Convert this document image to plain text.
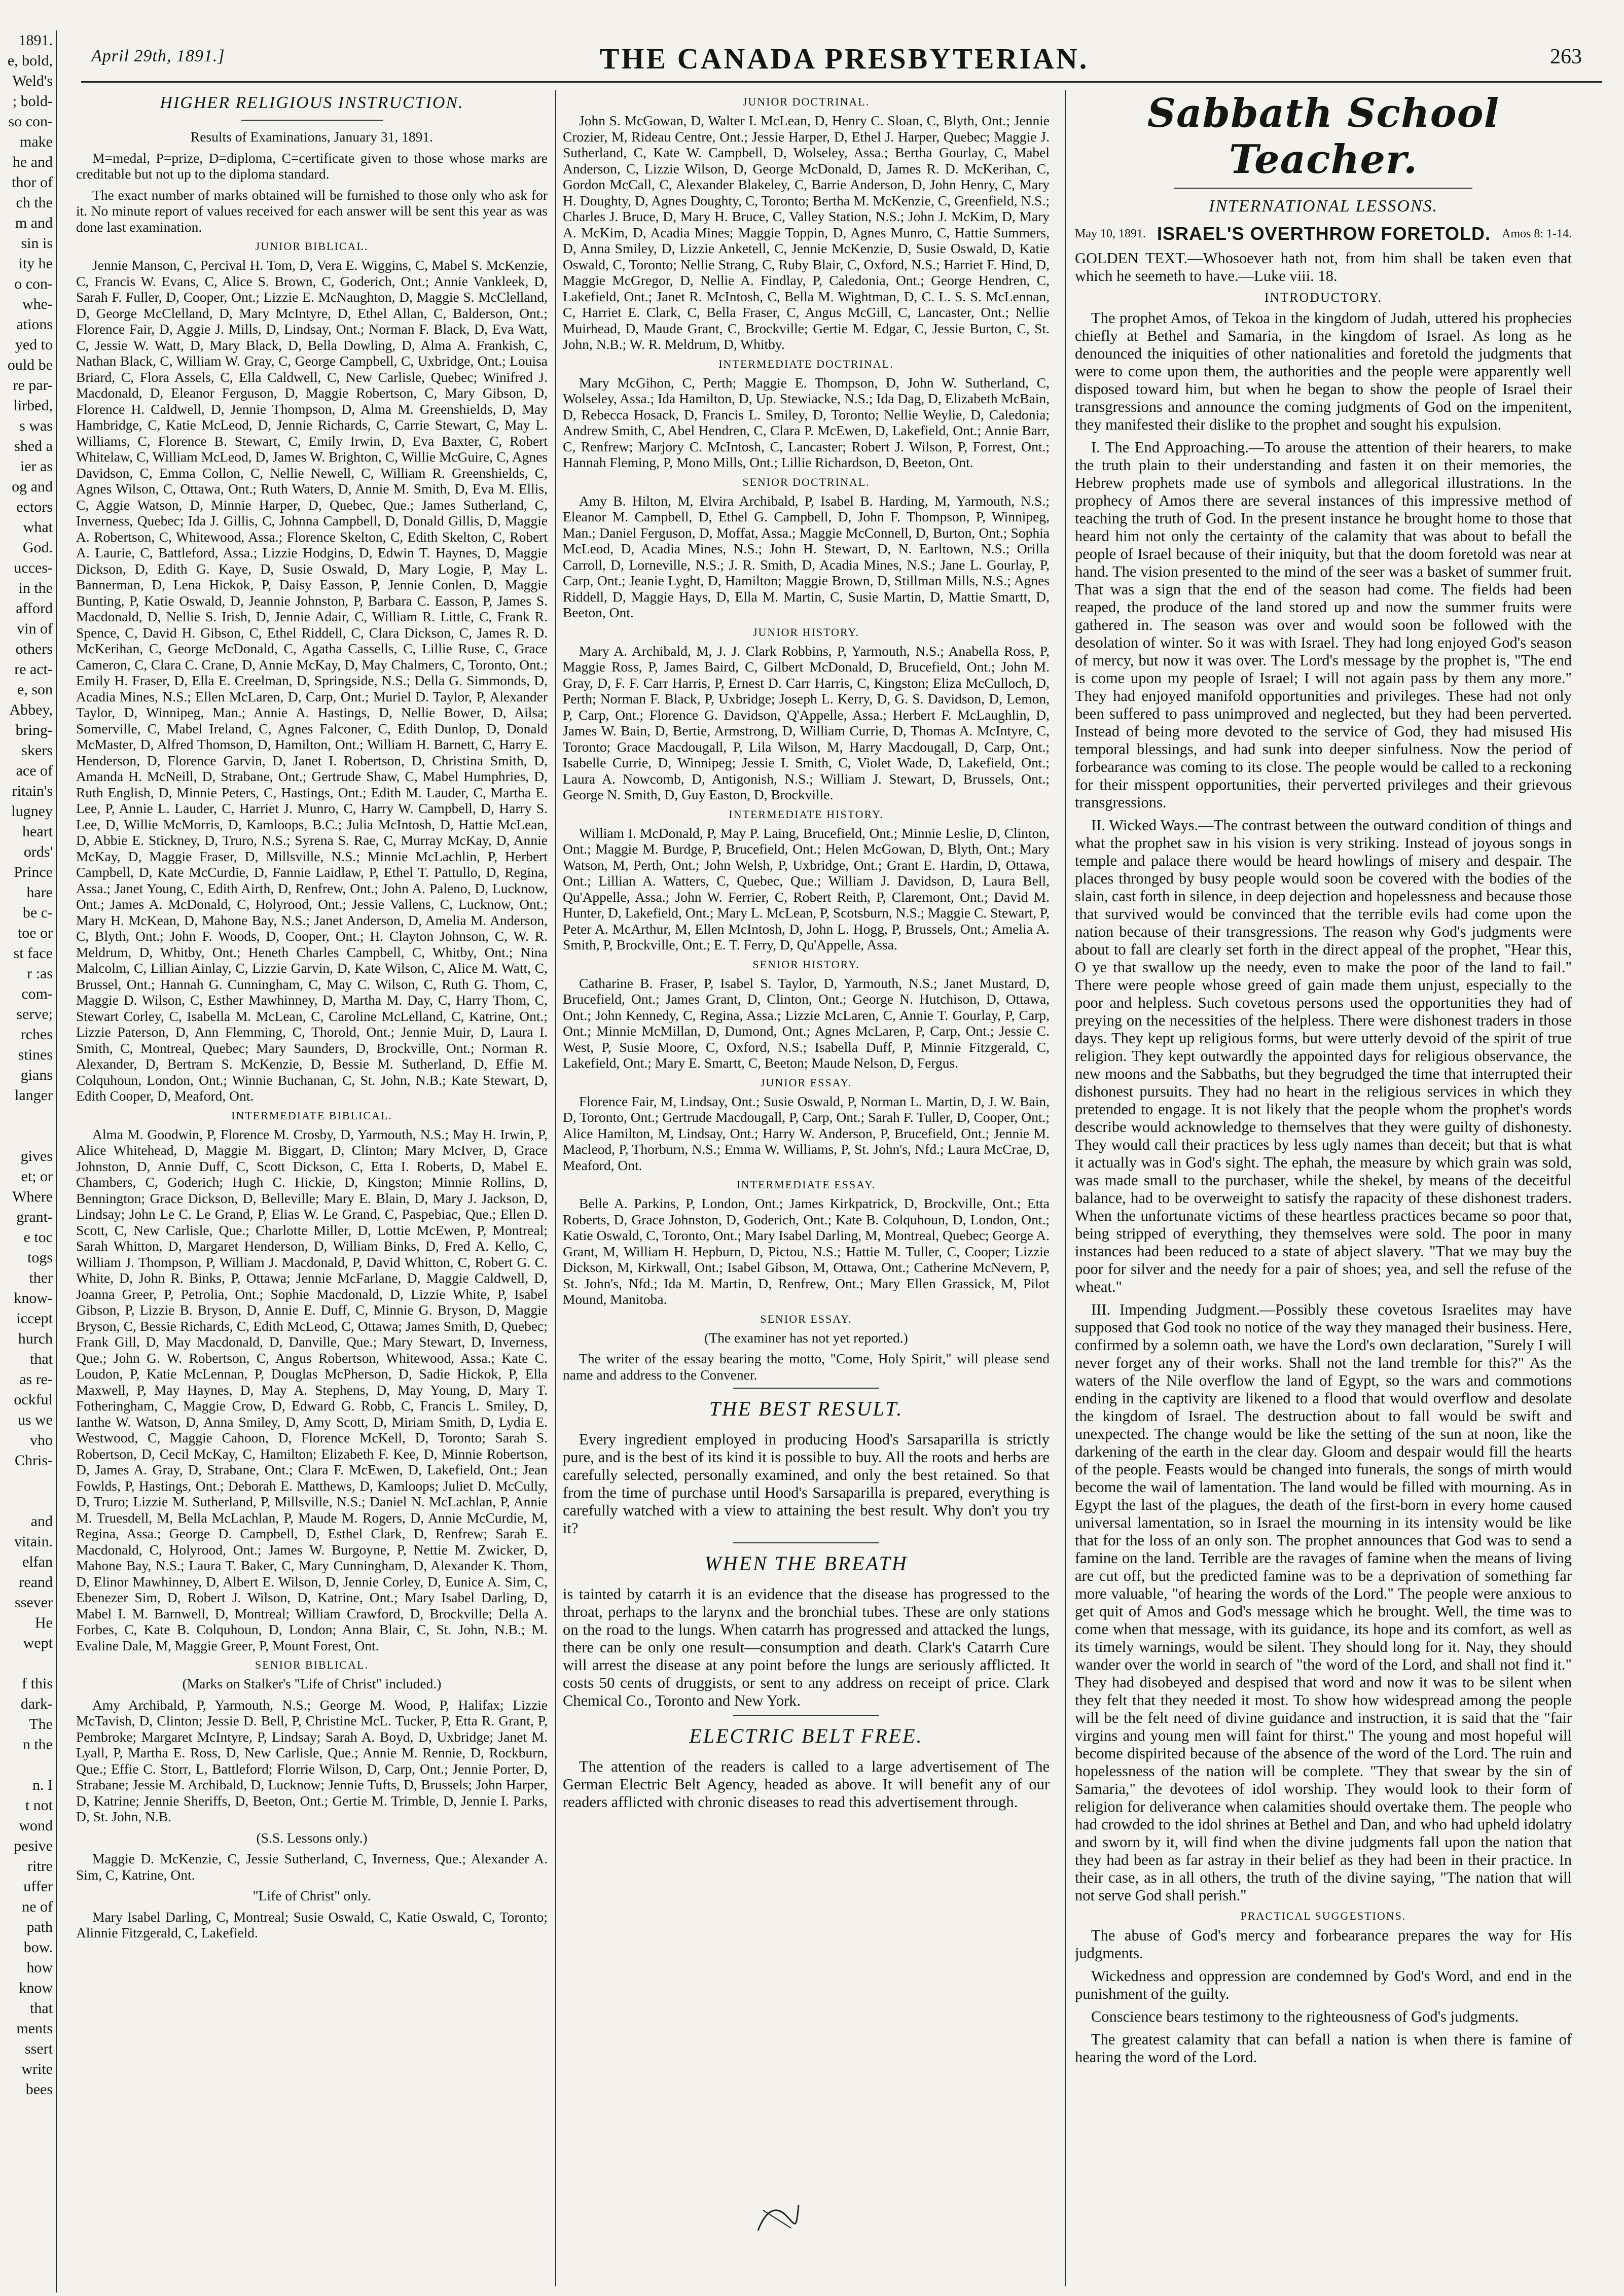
1891.
e, bold,
Weld's
; bold-
so con-
make
he and
thor of
ch the
m and
sin is
ity he
o con-
whe-
ations
yed to
ould be
re par-
lirbed,
s was
shed a
ier as
og and
ectors
what
God.
ucces-
in the
afford
vin of
others
re act-
e, son
Abbey,
bring-
skers
ace of
ritain's
lugney
heart
ords'
Prince
hare
be c-
toe or
st face
r :as
com-
serve;
rches
stines
gians
langer

gives
et; or
Where
grant-
e toc
togs
ther
know-
iccept
hurch
that
as re-
ockful
us we
vho
Chris-

and
vitain.
elfan
reand
ssever
He
wept

f this
dark-
The
n the

n. I
t not
wond
pesive
ritre
uffer
ne of
path
bow.
how
know
that
ments
ssert
write
bees
April 29th, 1891.]	THE CANADA PRESBYTERIAN.	263
HIGHER RELIGIOUS INSTRUCTION.

Results of Examinations, January 31, 1891.

M=medal, P=prize, D=diploma, C=certificate given to those whose marks are creditable but not up to the diploma standard.

The exact number of marks obtained will be furnished to those only who ask for it. No minute report of values received for each answer will be sent this year as was done last examination.

JUNIOR BIBLICAL.

Jennie Manson, C, Percival H. Tom, D, Vera E. Wiggins, C, Mabel S. McKenzie, C, Francis W. Evans, C, Alice S. Brown, C, Goderich, Ont.; Annie Vankleek, D, Sarah F. Fuller, D, Cooper, Ont.; Lizzie E. McNaughton, D, Maggie S. McClelland, D, George McClelland, D, Mary McIntyre, D, Ethel Allan, C, Balderson, Ont.; Florence Fair, D, Aggie J. Mills, D, Lindsay, Ont.; Norman F. Black, D, Eva Watt, C, Jessie W. Watt, D, Mary Black, D, Bella Dowling, D, Alma A. Frankish, C, Nathan Black, C, William W. Gray, C, George Campbell, C, Uxbridge, Ont.; Louisa Briard, C, Flora Assels, C, Ella Caldwell, C, New Carlisle, Quebec; Winifred J. Macdonald, D, Eleanor Ferguson, D, Maggie Robertson, C, Mary Gibson, D, Florence H. Caldwell, D, Jennie Thompson, D, Alma M. Greenshields, D, May Hambridge, C, Katie McLeod, D, Jennie Richards, C, Carrie Stewart, C, May L. Williams, C, Florence B. Stewart, C, Emily Irwin, D, Eva Baxter, C, Robert Whitelaw, C, William McLeod, D, James W. Brighton, C, Willie McGuire, C, Agnes Davidson, C, Emma Collon, C, Nellie Newell, C, William R. Greenshields, C, Agnes Wilson, C, Ottawa, Ont.; Ruth Waters, D, Annie M. Smith, D, Eva M. Ellis, C, Aggie Watson, D, Minnie Harper, D, Quebec, Que.; James Sutherland, C, Inverness, Quebec; Ida J. Gillis, C, Johnna Campbell, D, Donald Gillis, D, Maggie A. Robertson, C, Whitewood, Assa.; Florence Skelton, C, Edith Skelton, C, Robert A. Laurie, C, Battleford, Assa.; Lizzie Hodgins, D, Edwin T. Haynes, D, Maggie Dickson, D, Edith G. Kaye, D, Susie Oswald, D, Mary Logie, P, May L. Bannerman, D, Lena Hickok, P, Daisy Easson, P, Jennie Conlen, D, Maggie Bunting, P, Katie Oswald, D, Jeannie Johnston, P, Barbara C. Easson, P, James S. Macdonald, D, Nellie S. Irish, D, Jennie Adair, C, William R. Little, C, Frank R. Spence, C, David H. Gibson, C, Ethel Riddell, C, Clara Dickson, C, James R. D. McKerihan, C, George McDonald, C, Agatha Cassells, C, Lillie Ruse, C, Grace Cameron, C, Clara C. Crane, D, Annie McKay, D, May Chalmers, C, Toronto, Ont.; Emily H. Fraser, D, Ella E. Creelman, D, Springside, N.S.; Della G. Simmonds, D, Acadia Mines, N.S.; Ellen McLaren, D, Carp, Ont.; Muriel D. Taylor, P, Alexander Taylor, D, Winnipeg, Man.; Annie A. Hastings, D, Nellie Bower, D, Ailsa; Somerville, C, Mabel Ireland, C, Agnes Falconer, C, Edith Dunlop, D, Donald McMaster, D, Alfred Thomson, D, Hamilton, Ont.; William H. Barnett, C, Harry E. Henderson, D, Florence Garvin, D, Janet I. Robertson, D, Christina Smith, D, Amanda H. McNeill, D, Strabane, Ont.; Gertrude Shaw, C, Mabel Humphries, D, Ruth English, D, Minnie Peters, C, Hastings, Ont.; Edith M. Lauder, C, Martha E. Lee, P, Annie L. Lauder, C, Harriet J. Munro, C, Harry W. Campbell, D, Harry S. Lee, D, Willie McMorris, D, Kamloops, B.C.; Julia McIntosh, D, Hattie McLean, D, Abbie E. Stickney, D, Truro, N.S.; Syrena S. Rae, C, Murray McKay, D, Annie McKay, D, Maggie Fraser, D, Millsville, N.S.; Minnie McLachlin, P, Herbert Campbell, D, Kate McCurdie, D, Fannie Laidlaw, P, Ethel T. Pattullo, D, Regina, Assa.; Janet Young, C, Edith Airth, D, Renfrew, Ont.; John A. Paleno, D, Lucknow, Ont.; James A. McDonald, C, Holyrood, Ont.; Jessie Vallens, C, Lucknow, Ont.; Mary H. McKean, D, Mahone Bay, N.S.; Janet Anderson, D, Amelia M. Anderson, C, Blyth, Ont.; John F. Woods, D, Cooper, Ont.; H. Clayton Johnson, C, W. R. Meldrum, D, Whitby, Ont.; Heneth Charles Campbell, C, Whitby, Ont.; Nina Malcolm, C, Lillian Ainlay, C, Lizzie Garvin, D, Kate Wilson, C, Alice M. Watt, C, Brussel, Ont.; Hannah G. Cunningham, C, May C. Wilson, C, Ruth G. Thom, C, Maggie D. Wilson, C, Esther Mawhinney, D, Martha M. Day, C, Harry Thom, C, Stewart Corley, C, Isabella M. McLean, C, Caroline McLelland, C, Katrine, Ont.; Lizzie Paterson, D, Ann Flemming, C, Thorold, Ont.; Jennie Muir, D, Laura I. Smith, C, Montreal, Quebec; Mary Saunders, D, Brockville, Ont.; Norman R. Alexander, D, Bertram S. McKenzie, D, Bessie M. Sutherland, D, Effie M. Colquhoun, London, Ont.; Winnie Buchanan, C, St. John, N.B.; Kate Stewart, D, Edith Cooper, D, Meaford, Ont.

INTERMEDIATE BIBLICAL.

Alma M. Goodwin, P, Florence M. Crosby, D, Yarmouth, N.S.; May H. Irwin, P, Alice Whitehead, D, Maggie M. Biggart, D, Clinton; Mary McIver, D, Grace Johnston, D, Annie Duff, C, Scott Dickson, C, Etta I. Roberts, D, Mabel E. Chambers, C, Goderich; Hugh C. Hickie, D, Kingston; Minnie Rollins, D, Bennington; Grace Dickson, D, Belleville; Mary E. Blain, D, Mary J. Jackson, D, Lindsay; John Le C. Le Grand, P, Elias W. Le Grand, C, Paspebiac, Que.; Ellen D. Scott, C, New Carlisle, Que.; Charlotte Miller, D, Lottie McEwen, P, Montreal; Sarah Whitton, D, Margaret Henderson, D, William Binks, D, Fred A. Kello, C, William J. Thompson, P, William J. Macdonald, P, David Whitton, C, Robert G. C. White, D, John R. Binks, P, Ottawa; Jennie McFarlane, D, Maggie Caldwell, D, Joanna Greer, P, Petrolia, Ont.; Sophie Macdonald, D, Lizzie White, P, Isabel Gibson, P, Lizzie B. Bryson, D, Annie E. Duff, C, Minnie G. Bryson, D, Maggie Bryson, C, Bessie Richards, C, Edith McLeod, C, Ottawa; James Smith, D, Quebec; Frank Gill, D, May Macdonald, D, Danville, Que.; Mary Stewart, D, Inverness, Que.; John G. W. Robertson, C, Angus Robertson, Whitewood, Assa.; Kate C. Loudon, P, Katie McLennan, P, Douglas McPherson, D, Sadie Hickok, P, Ella Maxwell, P, May Haynes, D, May A. Stephens, D, May Young, D, Mary T. Fotheringham, C, Maggie Crow, D, Edward G. Robb, C, Francis L. Smiley, D, Ianthe W. Watson, D, Anna Smiley, D, Amy Scott, D, Miriam Smith, D, Lydia E. Westwood, C, Maggie Cahoon, D, Florence McKell, D, Toronto; Sarah S. Robertson, D, Cecil McKay, C, Hamilton; Elizabeth F. Kee, D, Minnie Robertson, D, James A. Gray, D, Strabane, Ont.; Clara F. McEwen, D, Lakefield, Ont.; Jean Fowlds, P, Hastings, Ont.; Deborah E. Matthews, D, Kamloops; Juliet D. McCully, D, Truro; Lizzie M. Sutherland, P, Millsville, N.S.; Daniel N. McLachlan, P, Annie M. Truesdell, M, Bella McLachlan, P, Maude M. Rogers, D, Annie McCurdie, M, Regina, Assa.; George D. Campbell, D, Esthel Clark, D, Renfrew; Sarah E. Macdonald, C, Holyrood, Ont.; James W. Burgoyne, P, Nettie M. Zwicker, D, Mahone Bay, N.S.; Laura T. Baker, C, Mary Cunningham, D, Alexander K. Thom, D, Elinor Mawhinney, D, Albert E. Wilson, D, Jennie Corley, D, Eunice A. Sim, C, Ebenezer Sim, D, Robert J. Wilson, D, Katrine, Ont.; Mary Isabel Darling, D, Mabel I. M. Barnwell, D, Montreal; William Crawford, D, Brockville; Della A. Forbes, C, Kate B. Colquhoun, D, London; Anna Blair, C, St. John, N.B.; M. Evaline Dale, M, Maggie Greer, P, Mount Forest, Ont.

SENIOR BIBLICAL.

(Marks on Stalker's "Life of Christ" included.)

Amy Archibald, P, Yarmouth, N.S.; George M. Wood, P, Halifax; Lizzie McTavish, D, Clinton; Jessie D. Bell, P, Christine McL. Tucker, P, Etta R. Grant, P, Pembroke; Margaret McIntyre, P, Lindsay; Sarah A. Boyd, D, Uxbridge; Janet M. Lyall, P, Martha E. Ross, D, New Carlisle, Que.; Annie M. Rennie, D, Rockburn, Que.; Effie C. Storr, L, Battleford; Florrie Wilson, D, Carp, Ont.; Jennie Porter, D, Strabane; Jessie M. Archibald, D, Lucknow; Jennie Tufts, D, Brussels; John Harper, D, Katrine; Jennie Sheriffs, D, Beeton, Ont.; Gertie M. Trimble, D, Jennie I. Parks, D, St. John, N.B.

(S.S. Lessons only.)

Maggie D. McKenzie, C, Jessie Sutherland, C, Inverness, Que.; Alexander A. Sim, C, Katrine, Ont.

"Life of Christ" only.

Mary Isabel Darling, C, Montreal; Susie Oswald, C, Katie Oswald, C, Toronto; Alinnie Fitzgerald, C, Lakefield.

JUNIOR DOCTRINAL.

John S. McGowan, D, Walter I. McLean, D, Henry C. Sloan, C, Blyth, Ont.; Jennie Crozier, M, Rideau Centre, Ont.; Jessie Harper, D, Ethel J. Harper, Quebec; Maggie J. Sutherland, C, Kate W. Campbell, D, Wolseley, Assa.; Bertha Gourlay, C, Mabel Anderson, C, Lizzie Wilson, D, George McDonald, D, James R. D. McKerihan, C, Gordon McCall, C, Alexander Blakeley, C, Barrie Anderson, D, John Henry, C, Mary H. Doughty, D, Agnes Doughty, C, Toronto; Bertha M. McKenzie, C, Greenfield, N.S.; Charles J. Bruce, D, Mary H. Bruce, C, Valley Station, N.S.; John J. McKim, D, Mary A. McKim, D, Acadia Mines; Maggie Toppin, D, Agnes Munro, C, Hattie Summers, D, Anna Smiley, D, Lizzie Anketell, C, Jennie McKenzie, D, Susie Oswald, D, Katie Oswald, C, Toronto; Nellie Strang, C, Ruby Blair, C, Oxford, N.S.; Harriet F. Hind, D, Maggie McGregor, D, Nellie A. Findlay, P, Caledonia, Ont.; George Hendren, C, Lakefield, Ont.; Janet R. McIntosh, C, Bella M. Wightman, D, C. L. S. S. McLennan, C, Harriet E. Clark, C, Bella Fraser, C, Angus McGill, C, Lancaster, Ont.; Nellie Muirhead, D, Maude Grant, C, Brockville; Gertie M. Edgar, C, Jessie Burton, C, St. John, N.B.; W. R. Meldrum, D, Whitby.

INTERMEDIATE DOCTRINAL.

Mary McGihon, C, Perth; Maggie E. Thompson, D, John W. Sutherland, C, Wolseley, Assa.; Ida Hamilton, D, Up. Stewiacke, N.S.; Ida Dag, D, Elizabeth McBain, D, Rebecca Hosack, D, Francis L. Smiley, D, Toronto; Nellie Weylie, D, Caledonia; Andrew Smith, C, Abel Hendren, C, Clara P. McEwen, D, Lakefield, Ont.; Annie Barr, C, Renfrew; Marjory C. McIntosh, C, Lancaster; Robert J. Wilson, P, Forrest, Ont.; Hannah Fleming, P, Mono Mills, Ont.; Lillie Richardson, D, Beeton, Ont.

SENIOR DOCTRINAL.

Amy B. Hilton, M, Elvira Archibald, P, Isabel B. Harding, M, Yarmouth, N.S.; Eleanor M. Campbell, D, Ethel G. Campbell, D, John F. Thompson, P, Winnipeg, Man.; Daniel Ferguson, D, Moffat, Assa.; Maggie McConnell, D, Burton, Ont.; Sophia McLeod, D, Acadia Mines, N.S.; John H. Stewart, D, N. Earltown, N.S.; Orilla Carroll, D, Lorneville, N.S.; J. R. Smith, D, Acadia Mines, N.S.; Jane L. Gourlay, P, Carp, Ont.; Jeanie Lyght, D, Hamilton; Maggie Brown, D, Stillman Mills, N.S.; Agnes Riddell, D, Maggie Hays, D, Ella M. Martin, C, Susie Martin, D, Mattie Smartt, D, Beeton, Ont.

JUNIOR HISTORY.

Mary A. Archibald, M, J. J. Clark Robbins, P, Yarmouth, N.S.; Anabella Ross, P, Maggie Ross, P, James Baird, C, Gilbert McDonald, D, Brucefield, Ont.; John M. Gray, D, F. F. Carr Harris, P, Ernest D. Carr Harris, C, Kingston; Eliza McCulloch, D, Perth; Norman F. Black, P, Uxbridge; Joseph L. Kerry, D, G. S. Davidson, D, Lemon, P, Carp, Ont.; Florence G. Davidson, Q'Appelle, Assa.; Herbert F. McLaughlin, D, James W. Bain, D, Bertie, Armstrong, D, William Currie, D, Thomas A. McIntyre, C, Toronto; Grace Macdougall, P, Lila Wilson, M, Harry Macdougall, D, Carp, Ont.; Isabelle Currie, D, Winnipeg; Jessie I. Smith, C, Violet Wade, D, Lakefield, Ont.; Laura A. Nowcomb, D, Antigonish, N.S.; William J. Stewart, D, Brussels, Ont.; George N. Smith, D, Guy Easton, D, Brockville.

INTERMEDIATE HISTORY.

William I. McDonald, P, May P. Laing, Brucefield, Ont.; Minnie Leslie, D, Clinton, Ont.; Maggie M. Burdge, P, Brucefield, Ont.; Helen McGowan, D, Blyth, Ont.; Mary Watson, M, Perth, Ont.; John Welsh, P, Uxbridge, Ont.; Grant E. Hardin, D, Ottawa, Ont.; Lillian A. Watters, C, Quebec, Que.; William J. Davidson, D, Laura Bell, Qu'Appelle, Assa.; John W. Ferrier, C, Robert Reith, P, Claremont, Ont.; David M. Hunter, D, Lakefield, Ont.; Mary L. McLean, P, Scotsburn, N.S.; Maggie C. Stewart, P, Peter A. McArthur, M, Ellen McIntosh, D, John L. Hogg, P, Brussels, Ont.; Amelia A. Smith, P, Brockville, Ont.; E. T. Ferry, D, Qu'Appelle, Assa.

SENIOR HISTORY.

Catharine B. Fraser, P, Isabel S. Taylor, D, Yarmouth, N.S.; Janet Mustard, D, Brucefield, Ont.; James Grant, D, Clinton, Ont.; George N. Hutchison, D, Ottawa, Ont.; John Kennedy, C, Regina, Assa.; Lizzie McLaren, C, Annie T. Gourlay, P, Carp, Ont.; Minnie McMillan, D, Dumond, Ont.; Agnes McLaren, P, Carp, Ont.; Jessie C. West, P, Susie Moore, C, Oxford, N.S.; Isabella Duff, P, Minnie Fitzgerald, C, Lakefield, Ont.; Mary E. Smartt, C, Beeton; Maude Nelson, D, Fergus.

JUNIOR ESSAY.

Florence Fair, M, Lindsay, Ont.; Susie Oswald, P, Norman L. Martin, D, J. W. Bain, D, Toronto, Ont.; Gertrude Macdougall, P, Carp, Ont.; Sarah F. Tuller, D, Cooper, Ont.; Alice Hamilton, M, Lindsay, Ont.; Harry W. Anderson, P, Brucefield, Ont.; Jennie M. Macleod, P, Thorburn, N.S.; Emma W. Williams, P, St. John's, Nfd.; Laura McCrae, D, Meaford, Ont.

INTERMEDIATE ESSAY.

Belle A. Parkins, P, London, Ont.; James Kirkpatrick, D, Brockville, Ont.; Etta Roberts, D, Grace Johnston, D, Goderich, Ont.; Kate B. Colquhoun, D, London, Ont.; Katie Oswald, C, Toronto, Ont.; Mary Isabel Darling, M, Montreal, Quebec; George A. Grant, M, William H. Hepburn, D, Pictou, N.S.; Hattie M. Tuller, C, Cooper; Lizzie Dickson, M, Kirkwall, Ont.; Isabel Gibson, M, Ottawa, Ont.; Catherine McNevern, P, St. John's, Nfd.; Ida M. Martin, D, Renfrew, Ont.; Mary Ellen Grassick, M, Pilot Mound, Manitoba.

SENIOR ESSAY.

(The examiner has not yet reported.)

The writer of the essay bearing the motto, "Come, Holy Spirit," will please send name and address to the Convener.

THE BEST RESULT.

Every ingredient employed in producing Hood's Sarsaparilla is strictly pure, and is the best of its kind it is possible to buy. All the roots and herbs are carefully selected, personally examined, and only the best retained. So that from the time of purchase until Hood's Sarsaparilla is prepared, everything is carefully watched with a view to attaining the best result. Why don't you try it?

WHEN THE BREATH

is tainted by catarrh it is an evidence that the disease has progressed to the throat, perhaps to the larynx and the bronchial tubes. These are only stations on the road to the lungs. When catarrh has progressed and attacked the lungs, there can be only one result—consumption and death. Clark's Catarrh Cure will arrest the disease at any point before the lungs are seriously afflicted. It costs 50 cents of druggists, or sent to any address on receipt of price. Clark Chemical Co., Toronto and New York.

ELECTRIC BELT FREE.

The attention of the readers is called to a large advertisement of The German Electric Belt Agency, headed as above. It will benefit any of our readers afflicted with chronic diseases to read this advertisement through.

Sabbath School Teacher.
INTERNATIONAL LESSONS.
May 10, 1891. ISRAEL'S OVERTHROW FORETOLD. Amos 8: 1-14.

GOLDEN TEXT.—Whosoever hath not, from him shall be taken even that which he seemeth to have.—Luke viii. 18.

INTRODUCTORY.

The prophet Amos, of Tekoa in the kingdom of Judah, uttered his prophecies chiefly at Bethel and Samaria, in the kingdom of Israel. As long as he denounced the iniquities of other nationalities and foretold the judgments that were to come upon them, the authorities and the people were apparently well disposed toward him, but when he began to show the people of Israel their transgressions and announce the coming judgments of God on the impenitent, they manifested their dislike to the prophet and sought his expulsion.

I. The End Approaching.—To arouse the attention of their hearers, to make the truth plain to their understanding and fasten it on their memories, the Hebrew prophets made use of symbols and allegorical illustrations. In the prophecy of Amos there are several instances of this impressive method of teaching the truth of God. In the present instance he brought home to those that heard him not only the certainty of the calamity that was about to befall the people of Israel because of their iniquity, but that the doom foretold was near at hand. The vision presented to the mind of the seer was a basket of summer fruit. That was a sign that the end of the season had come. The fields had been reaped, the produce of the land stored up and now the summer fruits were gathered in. The season was over and would soon be followed with the desolation of winter. So it was with Israel. They had long enjoyed God's season of mercy, but now it was over. The Lord's message by the prophet is, "The end is come upon my people of Israel; I will not again pass by them any more." They had enjoyed manifold opportunities and privileges. These had not only been suffered to pass unimproved and neglected, but they had been perverted. Instead of being more devoted to the service of God, they had misused His temporal blessings, and had sunk into deeper sinfulness. Now the period of forbearance was coming to its close. The people would be called to a reckoning for their misspent opportunities, their perverted privileges and their grievous transgressions.

II. Wicked Ways.—The contrast between the outward condition of things and what the prophet saw in his vision is very striking. Instead of joyous songs in temple and palace there would be heard howlings of misery and despair. The places thronged by busy people would soon be covered with the bodies of the slain, cast forth in silence, in deep dejection and hopelessness and because those that survived would be convinced that the terrible evils had come upon the nation because of their transgressions. The reason why God's judgments were about to fall are clearly set forth in the direct appeal of the prophet, "Hear this, O ye that swallow up the needy, even to make the poor of the land to fail." There were people whose greed of gain made them unjust, especially to the poor and helpless. Such covetous persons used the opportunities they had of preying on the necessities of the helpless. There were dishonest traders in those days. They kept up religious forms, but were utterly devoid of the spirit of true religion. They kept outwardly the appointed days for religious observance, the new moons and the Sabbaths, but they begrudged the time that interrupted their dishonest pursuits. They had no heart in the religious services in which they pretended to engage. It is not likely that the people whom the prophet's words describe would acknowledge to themselves that they were guilty of dishonesty. They would call their practices by less ugly names than deceit; but that is what it actually was in God's sight. The ephah, the measure by which grain was sold, was made small to the purchaser, while the shekel, by means of the deceitful balance, had to be overweight to satisfy the rapacity of these dishonest traders. When the unfortunate victims of these heartless practices became so poor that, being stripped of everything, they themselves were sold. The poor in many instances had been reduced to a state of abject slavery. "That we may buy the poor for silver and the needy for a pair of shoes; yea, and sell the refuse of the wheat."

III. Impending Judgment.—Possibly these covetous Israelites may have supposed that God took no notice of the way they managed their business. Here, confirmed by a solemn oath, we have the Lord's own declaration, "Surely I will never forget any of their works. Shall not the land tremble for this?" As the waters of the Nile overflow the land of Egypt, so the wars and commotions ending in the captivity are likened to a flood that would overflow and desolate the kingdom of Israel. The destruction about to fall would be swift and unexpected. The change would be like the setting of the sun at noon, like the darkening of the earth in the clear day. Gloom and despair would fill the hearts of the people. Feasts would be changed into funerals, the songs of mirth would become the wail of lamentation. The land would be filled with mourning. As in Egypt the last of the plagues, the death of the first-born in every home caused universal lamentation, so in Israel the mourning in its intensity would be like that for the loss of an only son. The prophet announces that God was to send a famine on the land. Terrible are the ravages of famine when the means of living are cut off, but the predicted famine was to be a deprivation of something far more valuable, "of hearing the words of the Lord." The people were anxious to get quit of Amos and God's message which he brought. Well, the time was to come when that message, with its guidance, its hope and its comfort, as well as its timely warnings, would be silent. They should long for it. Nay, they should wander over the world in search of "the word of the Lord, and shall not find it." They had disobeyed and despised that word and now it was to be silent when they felt that they needed it most. To show how widespread among the people will be the felt need of divine guidance and instruction, it is said that the "fair virgins and young men will faint for thirst." The young and most hopeful will become dispirited because of the absence of the word of the Lord. The ruin and hopelessness of the nation will be complete. "They that swear by the sin of Samaria," the devotees of idol worship. They would look to their form of religion for deliverance when calamities should overtake them. The people who had crowded to the idol shrines at Bethel and Dan, and who had upheld idolatry and sworn by it, will find when the divine judgments fall upon the nation that they had been as far astray in their belief as they had been in their practice. In their case, as in all others, the truth of the divine saying, "The nation that will not serve God shall perish."

PRACTICAL SUGGESTIONS.

The abuse of God's mercy and forbearance prepares the way for His judgments.

Wickedness and oppression are condemned by God's Word, and end in the punishment of the guilty.

Conscience bears testimony to the righteousness of God's judgments.

The greatest calamity that can befall a nation is when there is famine of hearing the word of the Lord.
